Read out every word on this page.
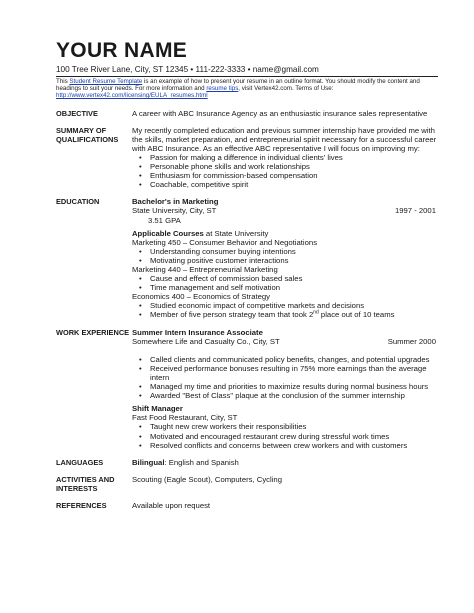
YOUR NAME
100 Tree River Lane, City, ST 12345 • 111-222-3333 • name@gmail.com
This Student Resume Template is an example of how to present your resume in an outline format. You should modify the content and headings to suit your needs. For more information and resume tips, visit Vertex42.com. Terms of Use:
http://www.vertex42.com/licensing/EULA_resumes.html
OBJECTIVE	A career with ABC Insurance Agency as an enthusiastic insurance sales representative
SUMMARY OF QUALIFICATIONS
My recently completed education and previous summer internship have provided me with the skills, market preparation, and entrepreneurial spirit necessary for a successful career with ABC Insurance. As an effective ABC representative I will focus on improving my:
• Passion for making a difference in individual clients' lives
• Personable phone skills and work relationships
• Enthusiasm for commission-based compensation
• Coachable, competitive spirit
EDUCATION	Bachelor's in Marketing
State University, City, ST	1997 - 2001
3.51 GPA
Applicable Courses at State University
Marketing 450 – Consumer Behavior and Negotiations
• Understanding consumer buying intentions
• Motivating positive customer interactions
Marketing 440 – Entrepreneurial Marketing
• Cause and effect of commission based sales
• Time management and self motivation
Economics 400 – Economics of Strategy
• Studied economic impact of competitive markets and decisions
• Member of five person strategy team that took 2nd place out of 10 teams
WORK EXPERIENCE Summer Intern Insurance Associate
Somewhere Life and Casualty Co., City, ST	Summer 2000
• Called clients and communicated policy benefits, changes, and potential upgrades
• Received performance bonuses resulting in 75% more earnings than the average intern
• Managed my time and priorities to maximize results during normal business hours
• Awarded "Best of Class" plaque at the conclusion of the summer internship
Shift Manager
Fast Food Restaurant, City, ST
• Taught new crew workers their responsibilities
• Motivated and encouraged restaurant crew during stressful work times
• Resolved conflicts and concerns between crew workers and with customers
LANGUAGES	Bilingual: English and Spanish
ACTIVITIES AND INTERESTS
Scouting (Eagle Scout), Computers, Cycling
REFERENCES	Available upon request
